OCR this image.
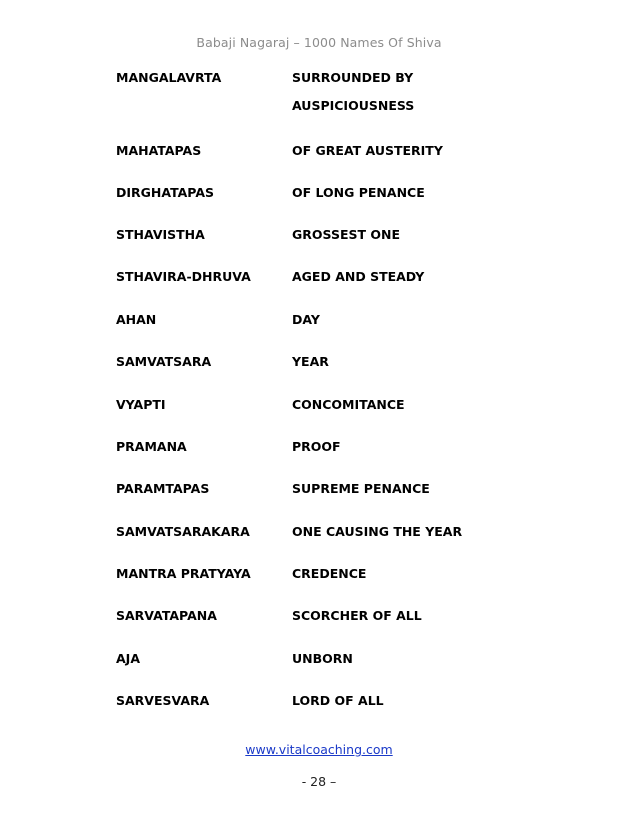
Babaji Nagaraj – 1000 Names Of Shiva
MANGALAVRTA	SURROUNDED BY
AUSPICIOUSNESS
MAHATAPAS	OF GREAT AUSTERITY
DIRGHATAPAS	OF LONG PENANCE
STHAVISTHA	GROSSEST ONE
STHAVIRA-DHRUVA	AGED AND STEADY
AHAN	DAY
SAMVATSARA	YEAR
VYAPTI	CONCOMITANCE
PRAMANA	PROOF
PARAMTAPAS	SUPREME PENANCE
SAMVATSARAKARA	ONE CAUSING THE YEAR
MANTRA PRATYAYA	CREDENCE
SARVATAPANA	SCORCHER OF ALL
AJA	UNBORN
SARVESVARA	LORD OF ALL
www.vitalcoaching.com
- 28 –
